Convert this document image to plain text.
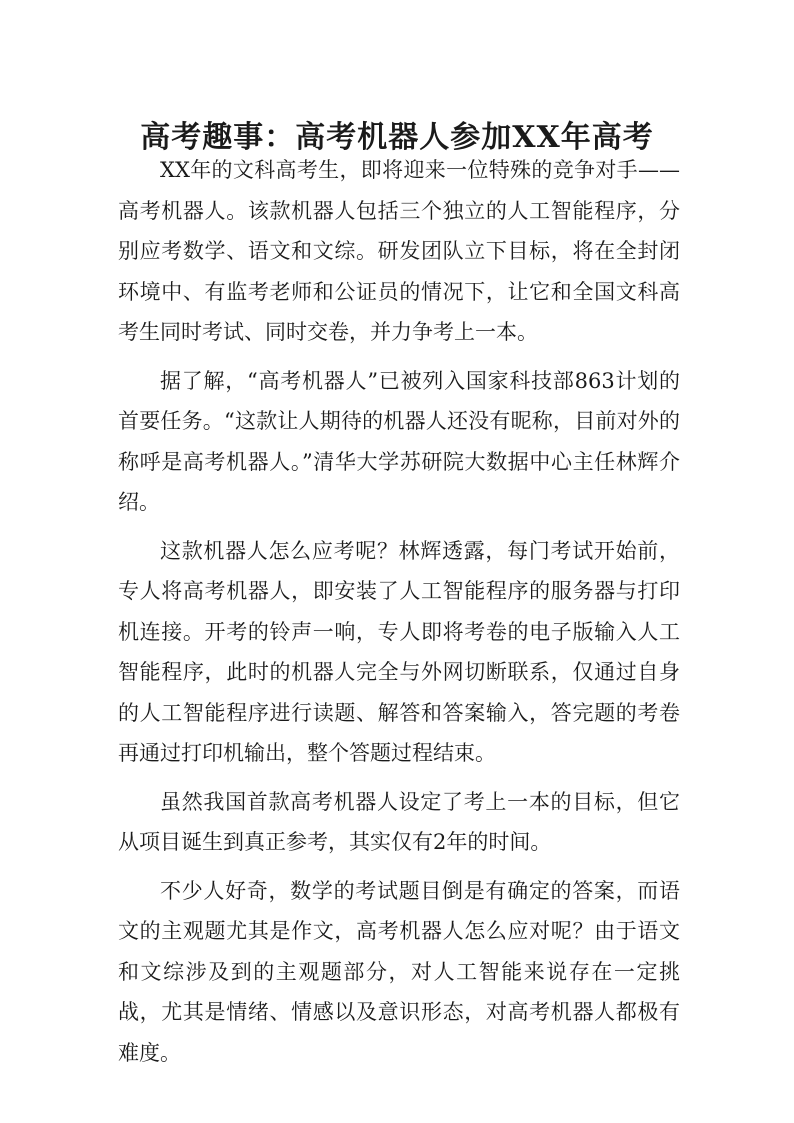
高考趣事：高考机器人参加XX年高考

XX年的文科高考生，即将迎来一位特殊的竞争对手——高考机器人。该款机器人包括三个独立的人工智能程序，分别应考数学、语文和文综。研发团队立下目标，将在全封闭环境中、有监考老师和公证员的情况下，让它和全国文科高考生同时考试、同时交卷，并力争考上一本。

据了解，“高考机器人”已被列入国家科技部863计划的首要任务。“这款让人期待的机器人还没有昵称，目前对外的称呼是高考机器人。”清华大学苏研院大数据中心主任林辉介绍。

这款机器人怎么应考呢？林辉透露，每门考试开始前，专人将高考机器人，即安装了人工智能程序的服务器与打印机连接。开考的铃声一响，专人即将考卷的电子版输入人工智能程序，此时的机器人完全与外网切断联系，仅通过自身的人工智能程序进行读题、解答和答案输入，答完题的考卷再通过打印机输出，整个答题过程结束。

虽然我国首款高考机器人设定了考上一本的目标，但它从项目诞生到真正参考，其实仅有2年的时间。

不少人好奇，数学的考试题目倒是有确定的答案，而语文的主观题尤其是作文，高考机器人怎么应对呢？由于语文和文综涉及到的主观题部分，对人工智能来说存在一定挑战，尤其是情绪、情感以及意识形态，对高考机器人都极有难度。
